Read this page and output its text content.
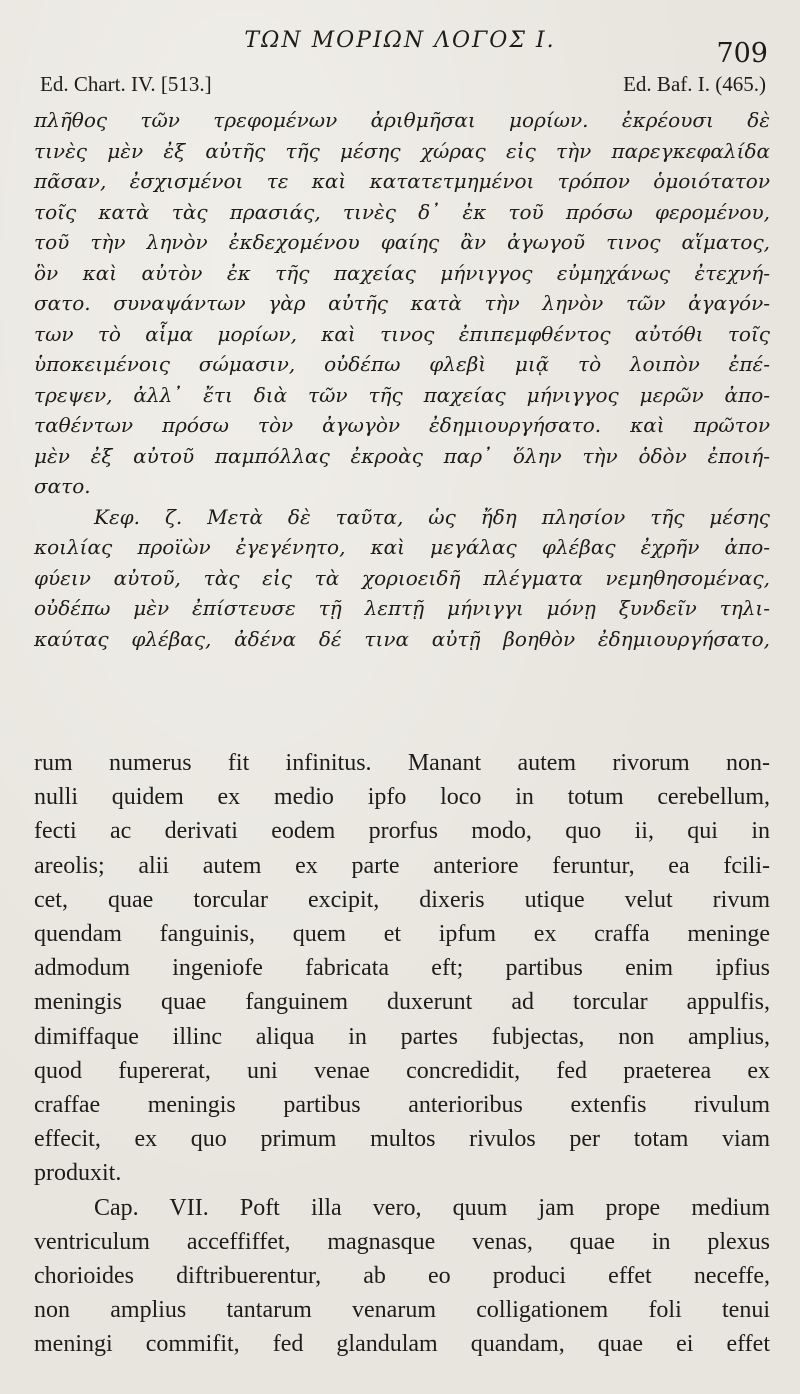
ΤΩΝ ΜΟΡΙΩΝ ΛΟΓΟΣ Ι.	709
Ed. Chart. IV. [513.]	Ed. Baf. I. (465.)
πλῆθος τῶν τρεφομένων ἀριθμῆσαι μορίων. ἐκρέουσι δὲ
τινὲς μὲν ἐξ αὐτῆς τῆς μέσης χώρας εἰς τὴν παρεγκεφαλίδα
πᾶσαν, ἐσχισμένοι τε καὶ κατατετμημένοι τρόπον ὁμοιότατον
τοῖς κατὰ τὰς πρασιάς, τινὲς δ᾽ ἐκ τοῦ πρόσω φερομένου,
τοῦ τὴν ληνὸν ἐκδεχομένου φαίης ἂν ἀγωγοῦ τινος αἵματος,
ὃν καὶ αὐτὸν ἐκ τῆς παχείας μήνιγγος εὐμηχάνως ἐτεχνή-
σατο. συναψάντων γὰρ αὐτῆς κατὰ τὴν ληνὸν τῶν ἀγαγόν-
των τὸ αἷμα μορίων, καὶ τινος ἐπιπεμφθέντος αὐτόθι τοῖς
ὑποκειμένοις σώμασιν, οὐδέπω φλεβὶ μιᾷ τὸ λοιπὸν ἐπέ-
τρεψεν, ἀλλ᾽ ἔτι διὰ τῶν τῆς παχείας μήνιγγος μερῶν ἀπο-
ταθέντων πρόσω τὸν ἀγωγὸν ἐδημιουργήσατο. καὶ πρῶτον
μὲν ἐξ αὐτοῦ παμπόλλας ἐκροὰς παρ᾽ ὅλην τὴν ὁδὸν ἐποιή-
σατο.
Κεφ. ζ. Μετὰ δὲ ταῦτα, ὡς ἤδη πλησίον τῆς μέσης
κοιλίας προϊὼν ἐγεγένητο, καὶ μεγάλας φλέβας ἐχρῆν ἀπο-
φύειν αὐτοῦ, τὰς εἰς τὰ χοριοειδῆ πλέγματα νεμηθησομένας,
οὐδέπω μὲν ἐπίστευσε τῇ λεπτῇ μήνιγγι μόνῃ ξυνδεῖν τηλι-
καύτας φλέβας, ἀδένα δέ τινα αὐτῇ βοηθὸν ἐδημιουργήσατο,
rum numerus fit infinitus. Manant autem rivorum non-
nulli quidem ex medio ipfo loco in totum cerebellum,
fecti ac derivati eodem prorfus modo, quo ii, qui in
areolis; alii autem ex parte anteriore feruntur, ea fcili-
cet, quae torcular excipit, dixeris utique velut rivum
quendam fanguinis, quem et ipfum ex craffa meninge
admodum ingeniofe fabricata eft; partibus enim ipfius
meningis quae fanguinem duxerunt ad torcular appulfis,
dimiffaque illinc aliqua in partes fubjectas, non amplius,
quod fupererat, uni venae concredidit, fed praeterea ex
craffae meningis partibus anterioribus extenfis rivulum
effecit, ex quo primum multos rivulos per totam viam
produxit.
Cap. VII. Poft illa vero, quum jam prope medium
ventriculum acceffiffet, magnasque venas, quae in plexus
chorioides diftribuerentur, ab eo produci effet neceffe,
non amplius tantarum venarum colligationem foli tenui
meningi commifit, fed glandulam quandam, quae ei effet
